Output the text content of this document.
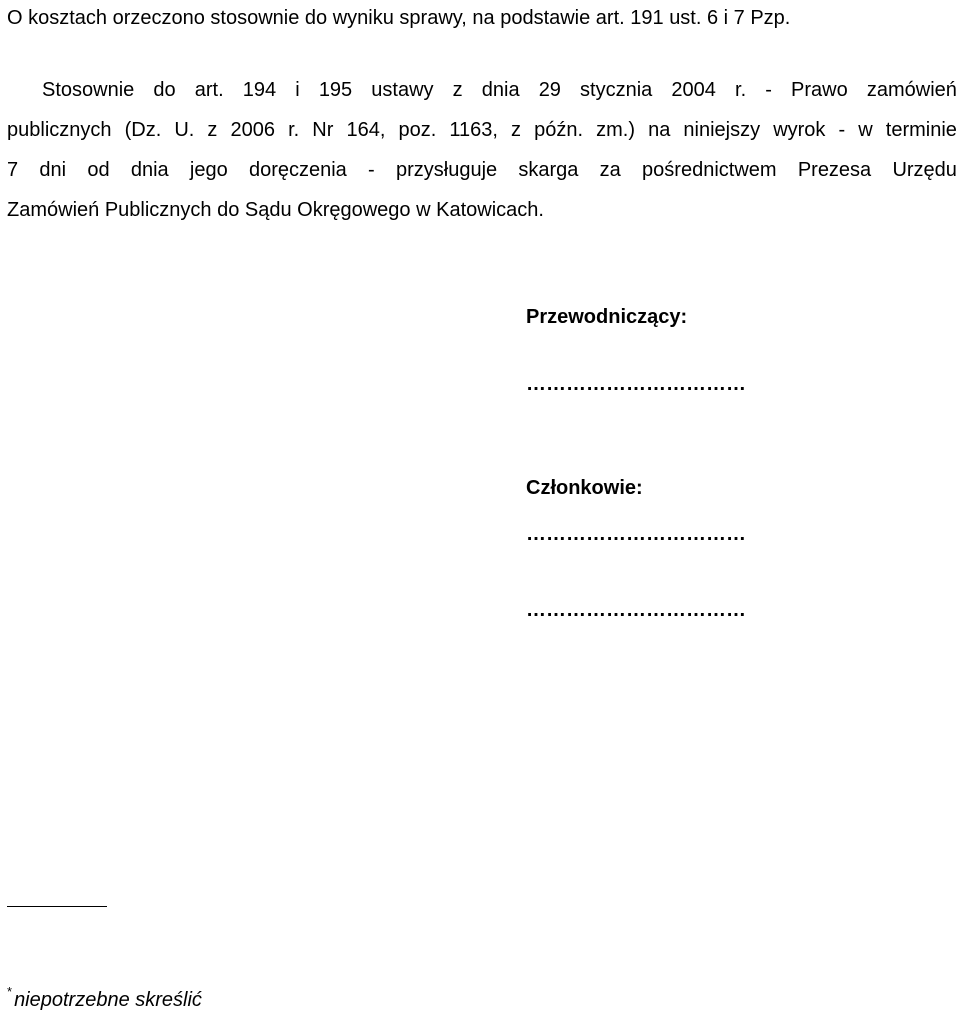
O kosztach orzeczono stosownie do wyniku sprawy, na podstawie art. 191 ust. 6 i 7 Pzp.
Stosownie do art. 194 i 195 ustawy z dnia 29 stycznia 2004 r. - Prawo zamówień
publicznych (Dz. U. z 2006 r. Nr 164, poz. 1163, z późn. zm.) na niniejszy wyrok - w terminie
7 dni od dnia jego doręczenia - przysługuje skarga za pośrednictwem Prezesa Urzędu
Zamówień Publicznych do Sądu Okręgowego w Katowicach.
Przewodniczący:
……………………………
Członkowie:
……………………………
……………………………
* niepotrzebne skreślić
